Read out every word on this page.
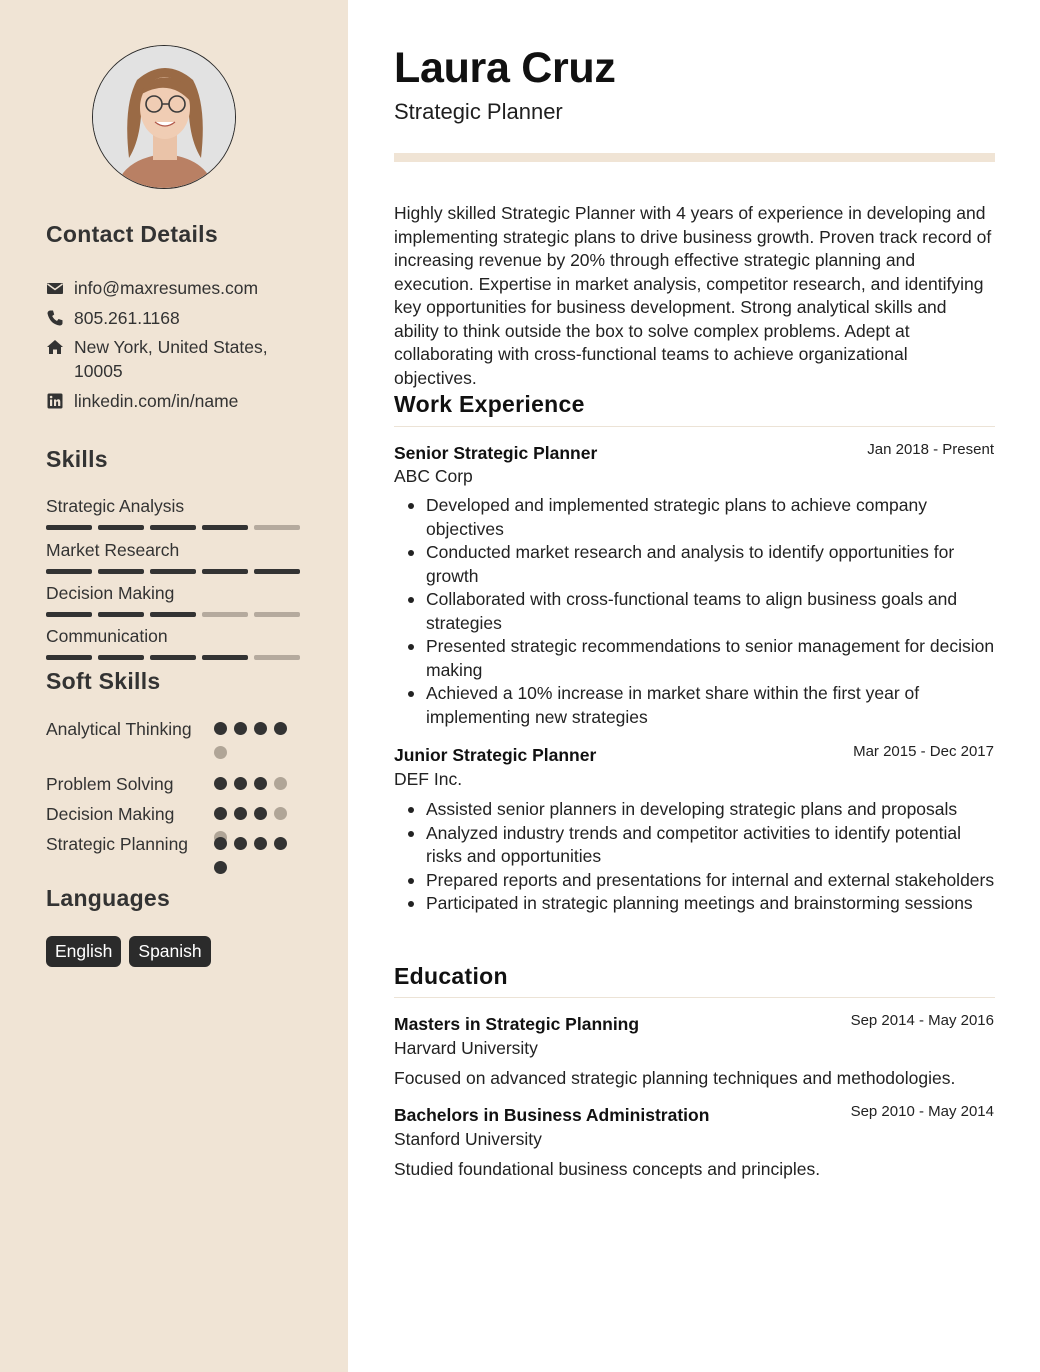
Contact Details
info@maxresumes.com
805.261.1168
New York, United States, 10005
linkedin.com/in/name
Skills
Strategic Analysis
Market Research
Decision Making
Communication
Soft Skills
Analytical Thinking
Problem Solving
Decision Making
Strategic Planning
Languages
English	Spanish
Laura Cruz
Strategic Planner
Highly skilled Strategic Planner with 4 years of experience in developing and implementing strategic plans to drive business growth. Proven track record of increasing revenue by 20% through effective strategic planning and execution. Expertise in market analysis, competitor research, and identifying key opportunities for business development. Strong analytical skills and ability to think outside the box to solve complex problems. Adept at collaborating with cross-functional teams to achieve organizational objectives.
Work Experience
Senior Strategic Planner	Jan 2018 - Present
ABC Corp
Developed and implemented strategic plans to achieve company objectives
Conducted market research and analysis to identify opportunities for growth
Collaborated with cross-functional teams to align business goals and strategies
Presented strategic recommendations to senior management for decision making
Achieved a 10% increase in market share within the first year of implementing new strategies
Junior Strategic Planner	Mar 2015 - Dec 2017
DEF Inc.
Assisted senior planners in developing strategic plans and proposals
Analyzed industry trends and competitor activities to identify potential risks and opportunities
Prepared reports and presentations for internal and external stakeholders
Participated in strategic planning meetings and brainstorming sessions
Education
Masters in Strategic Planning	Sep 2014 - May 2016
Harvard University
Focused on advanced strategic planning techniques and methodologies.
Bachelors in Business Administration	Sep 2010 - May 2014
Stanford University
Studied foundational business concepts and principles.
